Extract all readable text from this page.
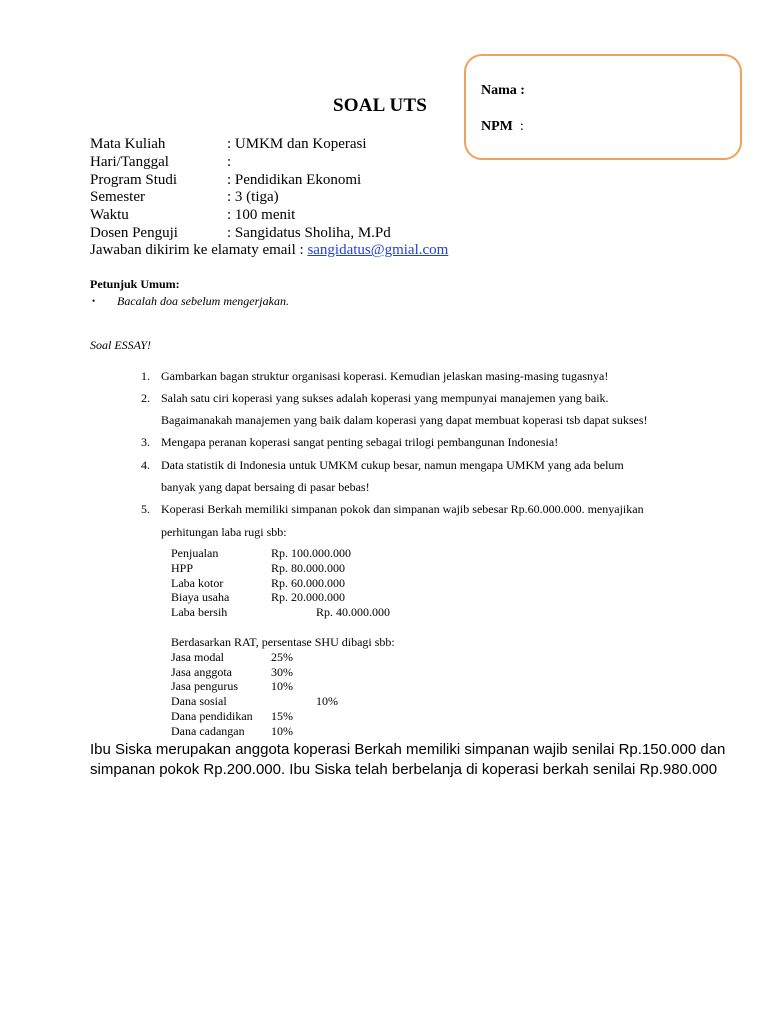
Nama :
NPM :
SOAL UTS
Mata Kuliah	: UMKM dan Koperasi
Hari/Tanggal	:
Program Studi	: Pendidikan Ekonomi
Semester	: 3 (tiga)
Waktu	: 100 menit
Dosen Penguji	: Sangidatus Sholiha, M.Pd
Jawaban dikirim ke elamaty email : sangidatus@gmial.com
Petunjuk Umum:
• Bacalah doa sebelum mengerjakan.
Soal ESSAY!
1. Gambarkan bagan struktur organisasi koperasi. Kemudian jelaskan masing-masing tugasnya!
2. Salah satu ciri koperasi yang sukses adalah koperasi yang mempunyai manajemen yang baik.
Bagaimanakah manajemen yang baik dalam koperasi yang dapat membuat koperasi tsb dapat sukses!
3. Mengapa peranan koperasi sangat penting sebagai trilogi pembangunan Indonesia!
4. Data statistik di Indonesia untuk UMKM cukup besar, namun mengapa UMKM yang ada belum
banyak yang dapat bersaing di pasar bebas!
5. Koperasi Berkah memiliki simpanan pokok dan simpanan wajib sebesar Rp.60.000.000. menyajikan
perhitungan laba rugi sbb:
Penjualan	Rp. 100.000.000
HPP	Rp. 80.000.000
Laba kotor	Rp. 60.000.000
Biaya usaha	Rp. 20.000.000
Laba bersih	Rp. 40.000.000
Berdasarkan RAT, persentase SHU dibagi sbb:
Jasa modal	25%
Jasa anggota	30%
Jasa pengurus	10%
Dana sosial	10%
Dana pendidikan 15%
Dana cadangan 10%
Ibu Siska merupakan anggota koperasi Berkah memiliki simpanan wajib senilai Rp.150.000 dan
simpanan pokok Rp.200.000. Ibu Siska telah berbelanja di koperasi berkah senilai Rp.980.000
